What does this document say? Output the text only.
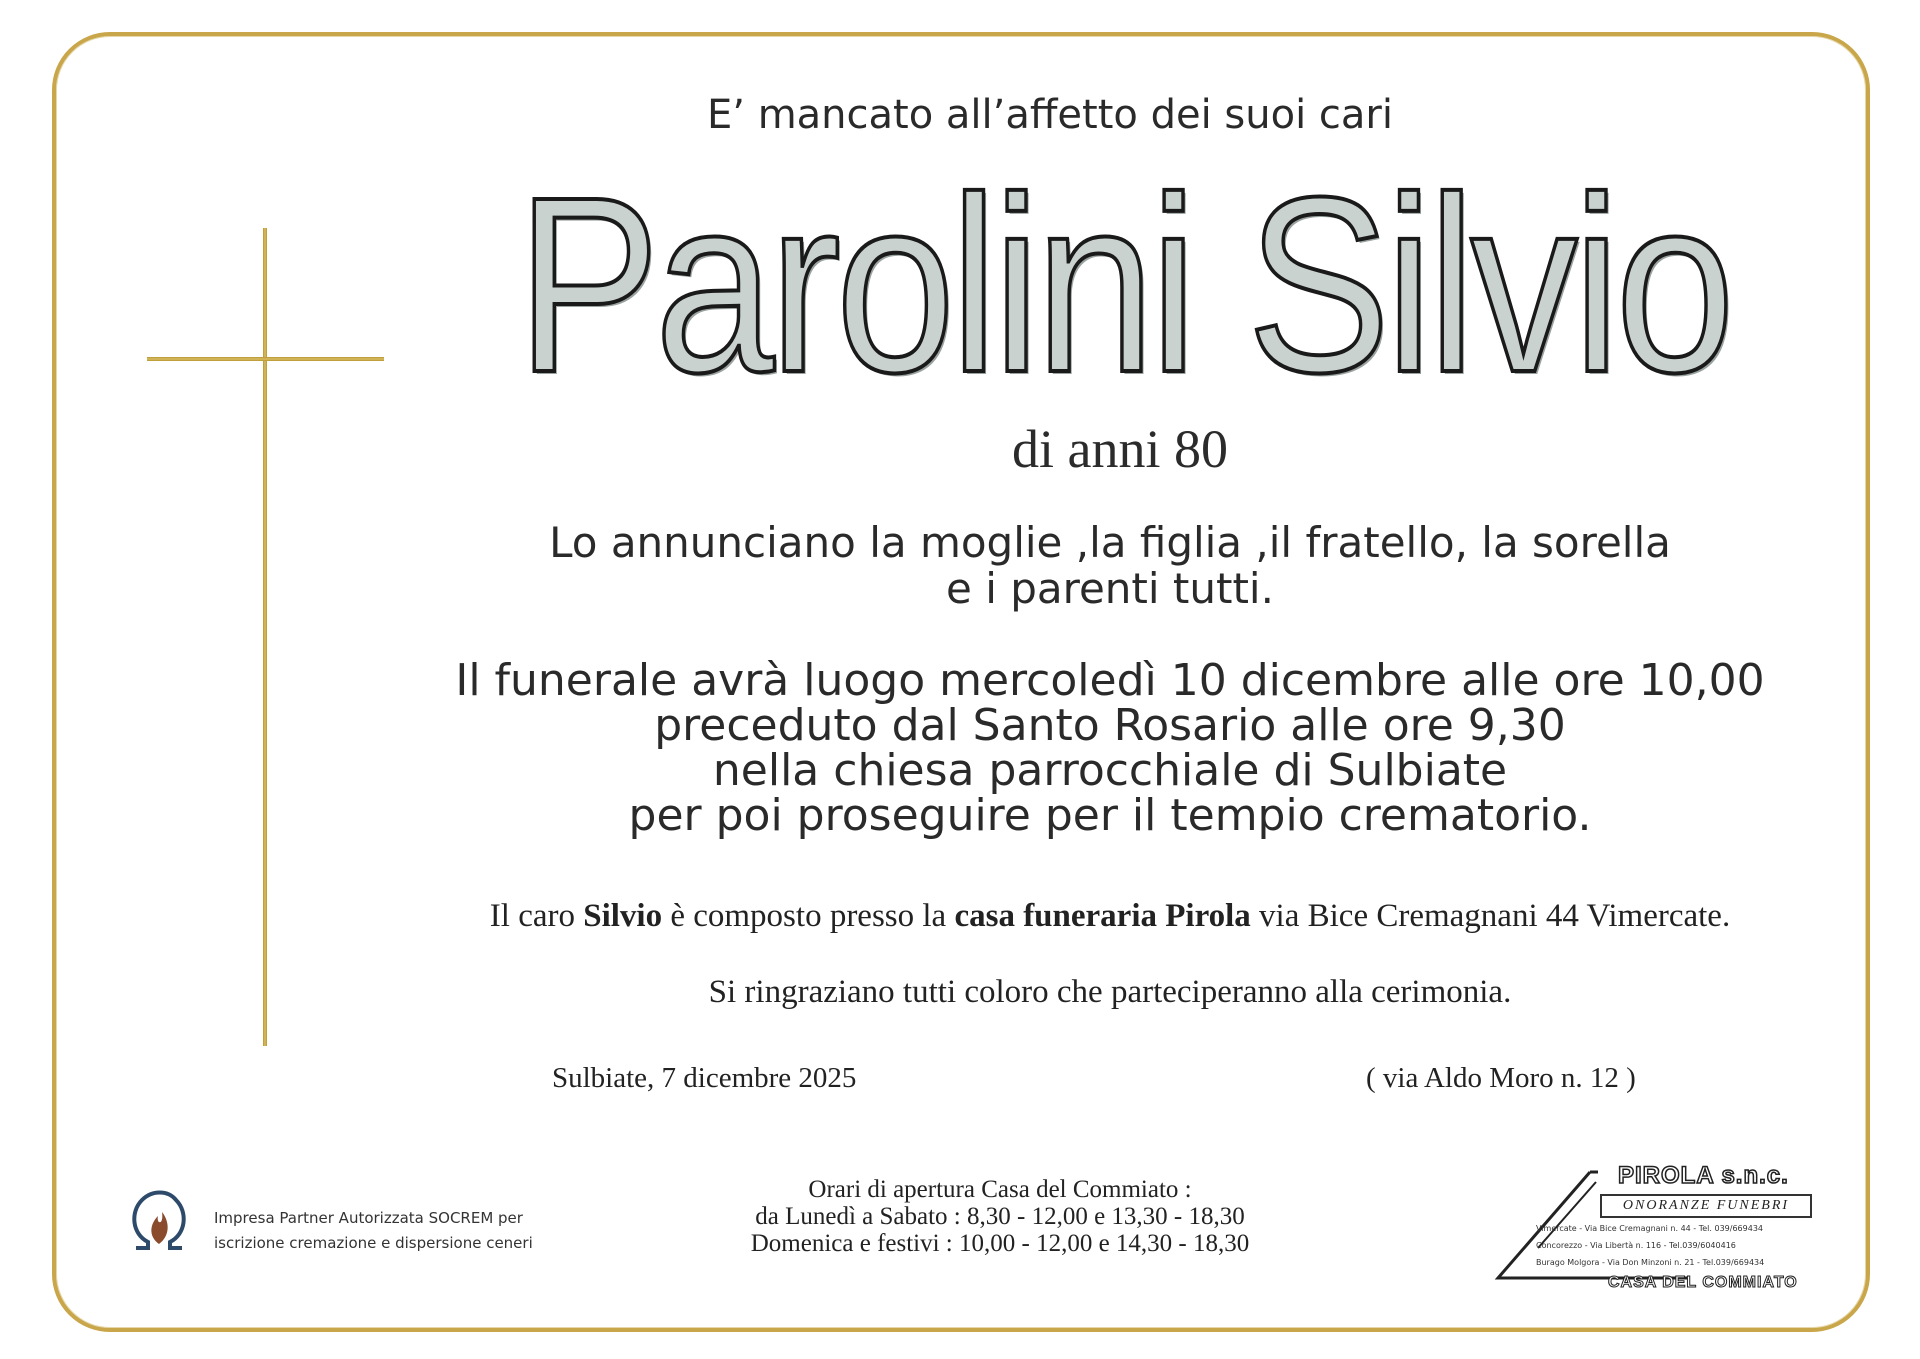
E’ mancato all’affetto dei suoi cari
Parolini Silvio
di anni 80
Lo annunciano la moglie ,la figlia ,il fratello, la sorella
e i parenti tutti.
Il funerale avrà luogo mercoledì 10 dicembre alle ore 10,00
preceduto dal Santo Rosario alle ore 9,30
nella chiesa parrocchiale di Sulbiate
per poi proseguire per il tempio crematorio.
Il caro Silvio è composto presso la casa funeraria Pirola via Bice Cremagnani 44 Vimercate.
Si ringraziano tutti coloro che parteciperanno alla cerimonia.
Sulbiate, 7 dicembre 2025	( via Aldo Moro n. 12 )
Impresa Partner Autorizzata SOCREM per
iscrizione cremazione e dispersione ceneri
Orari di apertura Casa del Commiato :
da Lunedì a Sabato : 8,30 - 12,00 e 13,30 - 18,30
Domenica e festivi : 10,00 - 12,00 e 14,30 - 18,30
PIROLA s.n.c.
ONORANZE FUNEBRI
Vimercate - Via Bice Cremagnani n. 44 - Tel. 039/669434
Concorezzo - Via Libertà n. 116 - Tel.039/6040416
Burago Molgora - Via Don Minzoni n. 21 - Tel.039/669434
CASA DEL COMMIATO
